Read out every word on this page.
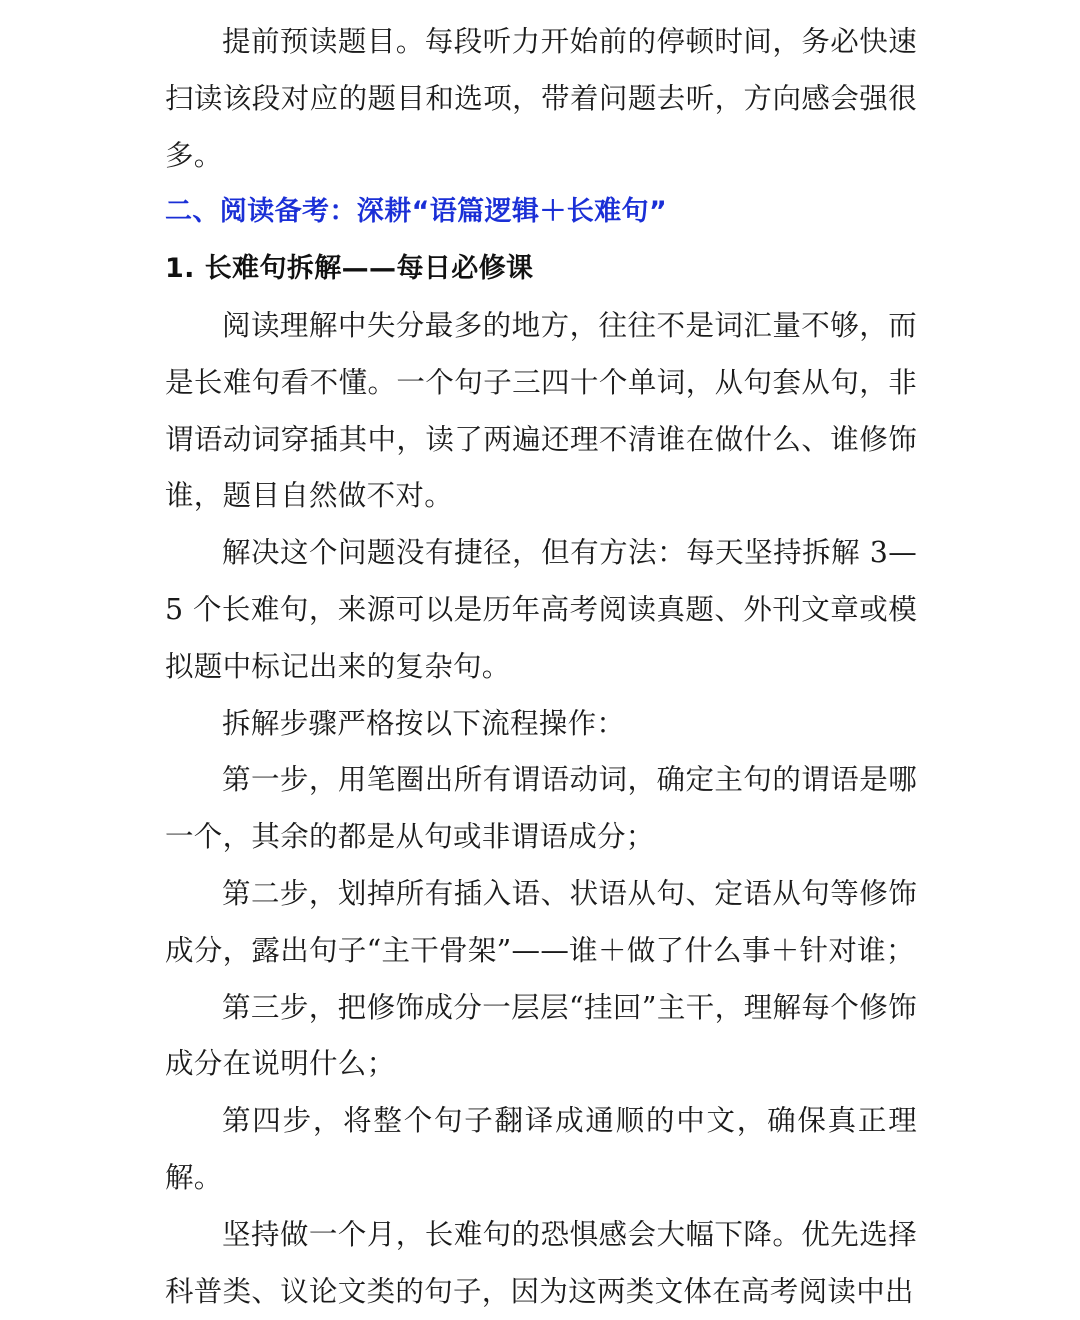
提前预读题目。每段听力开始前的停顿时间，务必快速扫读该段对应的题目和选项，带着问题去听，方向感会强很多。

二、阅读备考：深耕“语篇逻辑＋长难句”
1. 长难句拆解——每日必修课

阅读理解中失分最多的地方，往往不是词汇量不够，而是长难句看不懂。一个句子三四十个单词，从句套从句，非谓语动词穿插其中，读了两遍还理不清谁在做什么、谁修饰谁，题目自然做不对。

解决这个问题没有捷径，但有方法：每天坚持拆解 3—5 个长难句，来源可以是历年高考阅读真题、外刊文章或模拟题中标记出来的复杂句。

拆解步骤严格按以下流程操作：

第一步，用笔圈出所有谓语动词，确定主句的谓语是哪一个，其余的都是从句或非谓语成分；

第二步，划掉所有插入语、状语从句、定语从句等修饰成分，露出句子“主干骨架”——谁＋做了什么事＋针对谁；

第三步，把修饰成分一层层“挂回”主干，理解每个修饰成分在说明什么；

第四步，将整个句子翻译成通顺的中文，确保真正理解。

坚持做一个月，长难句的恐惧感会大幅下降。优先选择科普类、议论文类的句子，因为这两类文体在高考阅读中出
